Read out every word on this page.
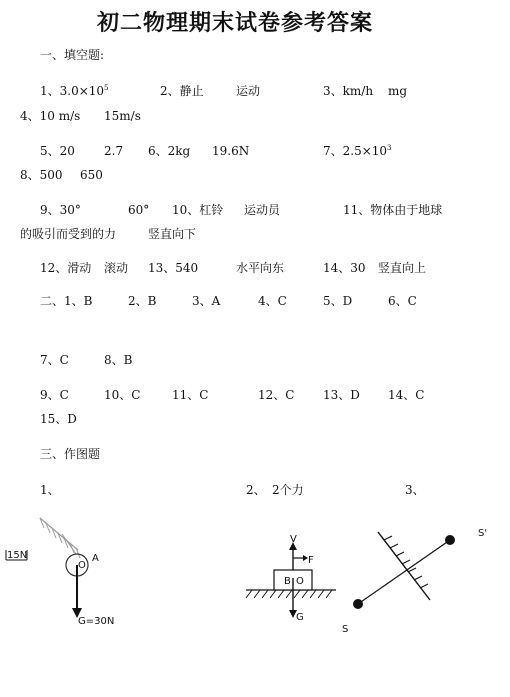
初二物理期末试卷参考答案
一、填空题:
1、$3.0\times 10^5$	2、静止	运动	3、km/h mg
4、10 m/s 15m/s
5、20 2.7 6、2kg 19.6N	7、$2.5\times 10^3$
8、500 650
9、30°	60° 10、杠铃 运动员	11、物体由于地球
的吸引而受到的力	竖直向下
12、滑动 滚动 13、540	水平向东	14、30 竖直向上
二、1、B	2、B	3、A	4、C	5、D	6、C
7、C	8、B
9、C	10、C	11、C	12、C 13、D 14、C
15、D
三、作图题
1、	2、 2个力	3、
15N
O
A
G=30N
V
F
B O
G
S
S'
